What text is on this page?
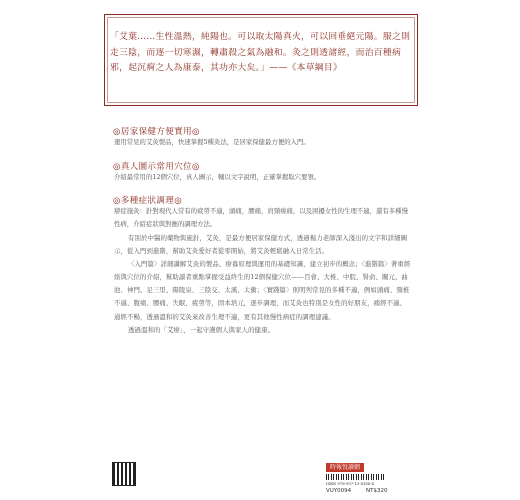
「艾葉……生性溫熱，純陽也。可以取太陽真火，可以回垂絕元陽。服之則走三陰，而逐一切寒濕，轉肅殺之氣為融和。灸之則透諸經，而治百種病邪，起沉痾之人為康泰，其功亦大矣。」——《本草綱目》
◎居家保健方便實用◎
運用常見的艾灸製品，快速掌握5種灸法，是居家保健最方便的入門。
◎真人圖示常用穴位◎
介紹最常用的12個穴位，真人圖示，輔以文字說明，正確掌握取穴要領。
◎多種症狀調理◎
辯症施灸：針對現代人常有的疲勞不適，頭痛，腰痛，肩頸痠痛，以及困擾女性的生理不適，還有多種慢性病，介紹症狀與對應的調理方法。

有別於中醫的藥物與施針，艾灸，是最方便居家保健方式，透過楊力老師深入淺出的文字和詳細圖示，從入門到進階，幫助艾灸愛好者從零開始，將艾灸輕鬆融入日常生活。

〈入門篇〉詳細講解艾灸的製品、療養原理與運用的基礎知識，建立初步的概念；〈進階篇〉著重經絡與穴位的介紹，幫助讀者重點掌握受益終生的12個保健穴位——百會、大椎、中脘、腎俞、關元、曲池、神門、足三里、陽陵泉、三陰交、太溪、太衝；〈實踐篇〉則明列常見的多種不適，例如頭痛、頸椎不適、腹痛、腰痛、失眠、疲勞等，固本培元，逐步調理，而艾灸也特別是女性的好朋友，痛經不適、通經不暢，透過溫和的艾灸來改善生理不適，更有其他慢性病症的調理建議。

透過溫和的「艾療」，一起守護個人與家人的健康。

時報悅讀網
ISBN 978-957-13-8166-4
VUY0094	NT$320
